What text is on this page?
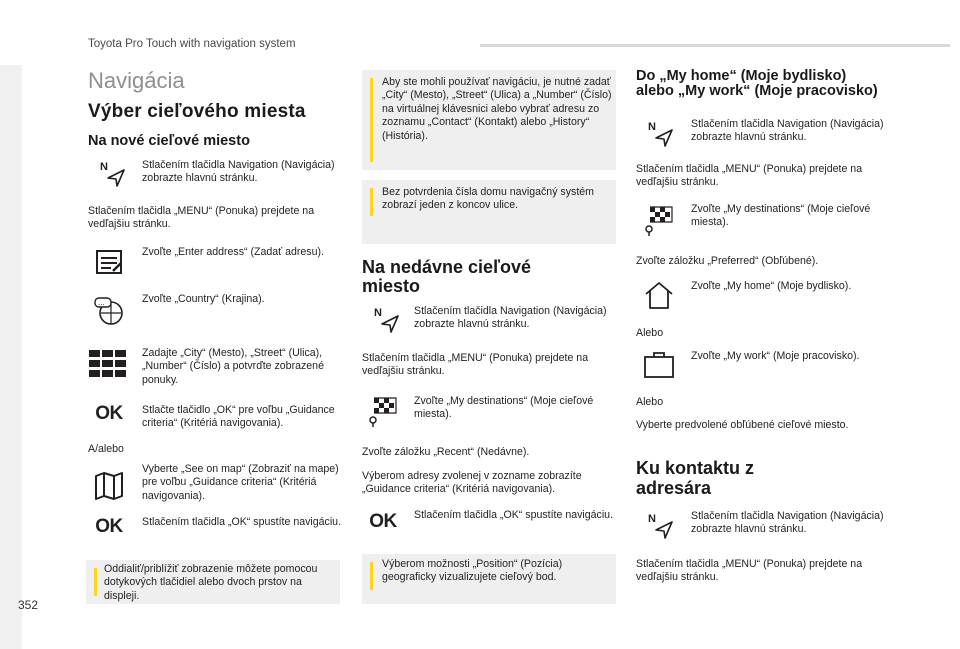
Toyota Pro Touch with navigation system
352
Navigácia
Výber cieľového miesta
Na nové cieľové miesto
N	Stlačením tlačidla Navigation (Navigácia) zobrazte hlavnú stránku.
Stlačením tlačidla „MENU“ (Ponuka) prejdete na vedľajšiu stránku.
Zvoľte „Enter address“ (Zadať adresu).
...	Zvoľte „Country“ (Krajina).
Zadajte „City“ (Mesto), „Street“ (Ulica), „Number“ (Číslo) a potvrďte zobrazené ponuky.
OK	Stlačte tlačidlo „OK“ pre voľbu „Guidance criteria“ (Kritériá navigovania).
A/alebo
Vyberte „See on map“ (Zobraziť na mape) pre voľbu „Guidance criteria“ (Kritériá navigovania).
OK	Stlačením tlačidla „OK“ spustíte navigáciu.
Oddialiť/priblížiť zobrazenie môžete pomocou dotykových tlačidiel alebo dvoch prstov na displeji.
Aby ste mohli používať navigáciu, je nutné zadať „City“ (Mesto), „Street“ (Ulica) a „Number“ (Číslo) na virtuálnej klávesnici alebo vybrať adresu zo zoznamu „Contact“ (Kontakt) alebo „History“ (História).
Bez potvrdenia čísla domu navigačný systém zobrazí jeden z koncov ulice.
Na nedávne cieľové
miesto
N	Stlačením tlačidla Navigation (Navigácia) zobrazte hlavnú stránku.
Stlačením tlačidla „MENU“ (Ponuka) prejdete na vedľajšiu stránku.
Zvoľte „My destinations“ (Moje cieľové miesta).
Zvoľte záložku „Recent“ (Nedávne).
Výberom adresy zvolenej v zozname zobrazíte „Guidance criteria“ (Kritériá navigovania).
OK	Stlačením tlačidla „OK“ spustíte navigáciu.
Výberom možnosti „Position“ (Pozícia) geograficky vizualizujete cieľový bod.
Do „My home“ (Moje bydlisko) alebo „My work“ (Moje pracovisko)
N	Stlačením tlačidla Navigation (Navigácia) zobrazte hlavnú stránku.
Stlačením tlačidla „MENU“ (Ponuka) prejdete na vedľajšiu stránku.
Zvoľte „My destinations“ (Moje cieľové miesta).
Zvoľte záložku „Preferred“ (Obľúbené).
Zvoľte „My home“ (Moje bydlisko).
Alebo
Zvoľte „My work“ (Moje pracovisko).
Alebo
Vyberte predvolené obľúbené cieľové miesto.
Ku kontaktu z adresára
N	Stlačením tlačidla Navigation (Navigácia) zobrazte hlavnú stránku.
Stlačením tlačidla „MENU“ (Ponuka) prejdete na vedľajšiu stránku.
